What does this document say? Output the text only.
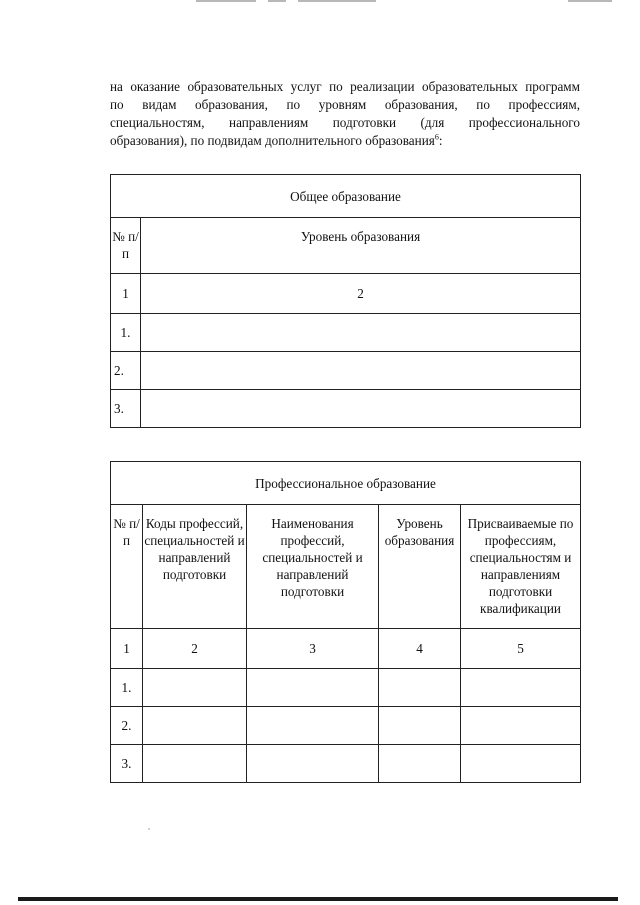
на оказание образовательных услуг по реализации образовательных программ
по видам образования, по уровням образования, по профессиям,
специальностям, направлениям подготовки (для профессионального
образования), по подвидам дополнительного образования$^6$:
Общее образование	
№ п/п	Уровень образования
1	2
1.	
2.	
3.	
Профессиональное образование				
№ п/п	Коды профессий, специальностей и направлений подготовки	Наименования профессий, специальностей и направлений подготовки	Уровень образования	Присваиваемые по профессиям, специальностям и направлениям подготовки квалификации
1	2	3	4	5
1.				
2.				
3.				
